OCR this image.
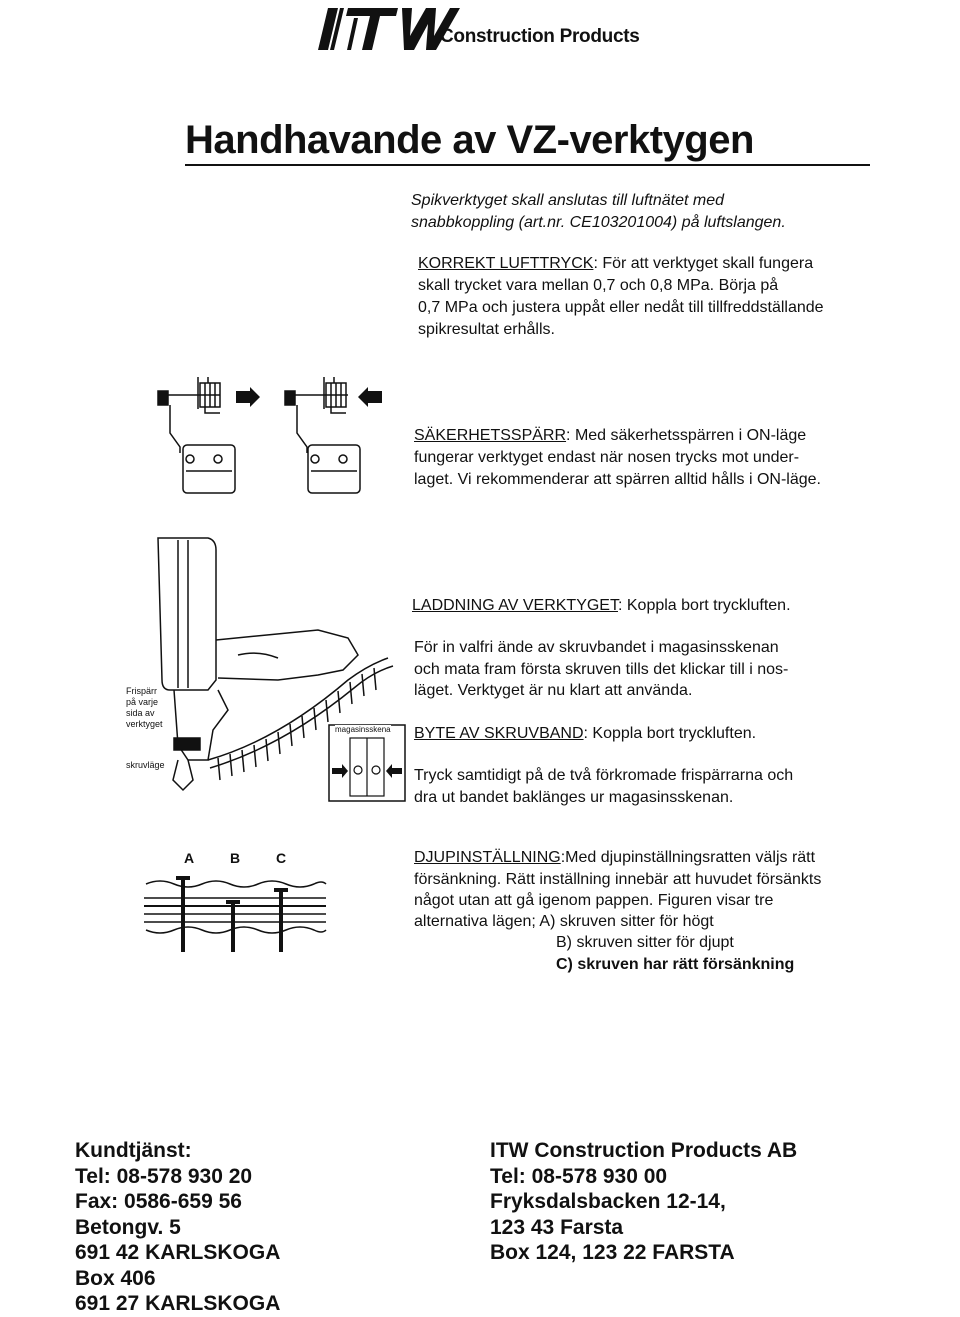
Construction Products
Handhavande av VZ-verktygen
Spikverktyget skall anslutas till luftnätet med
snabbkoppling (art.nr. CE103201004) på luftslangen.
KORREKT LUFTTRYCK: För att verktyget skall fungera
skall trycket vara mellan 0,7 och 0,8 MPa. Börja på
0,7 MPa och justera uppåt eller nedåt till tillfreddställande
spikresultat erhålls.
SÄKERHETSSPÄRR: Med säkerhetsspärren i ON-läge
fungerar verktyget endast när nosen trycks mot under-
laget. Vi rekommenderar att spärren alltid hålls i ON-läge.
Frispärr
på varje
sida av
verktyget
skruvläge
magasinsskena
LADDNING AV VERKTYGET: Koppla bort tryckluften.
För in valfri ände av skruvbandet i magasinsskenan
och mata fram första skruven tills det klickar till i nos-
läget. Verktyget är nu klart att använda.
BYTE AV SKRUVBAND: Koppla bort tryckluften.
Tryck samtidigt på de två förkromade frispärrarna och
dra ut bandet baklänges ur magasinsskenan.
A	B	C	DJUPINSTÄLLNING:Med djupinställningsratten väljs rätt
försänkning. Rätt inställning innebär att huvudet försänkts
något utan att gå igenom pappen. Figuren visar tre
alternativa lägen; A) skruven sitter för högt
B) skruven sitter för djupt
C) skruven har rätt försänkning
Kundtjänst:
Tel: 08-578 930 20
Fax: 0586-659 56
Betongv. 5
691 42 KARLSKOGA
Box 406
691 27 KARLSKOGA
ITW Construction Products AB
Tel: 08-578 930 00
Fryksdalsbacken 12-14,
123 43 Farsta
Box 124, 123 22 FARSTA
